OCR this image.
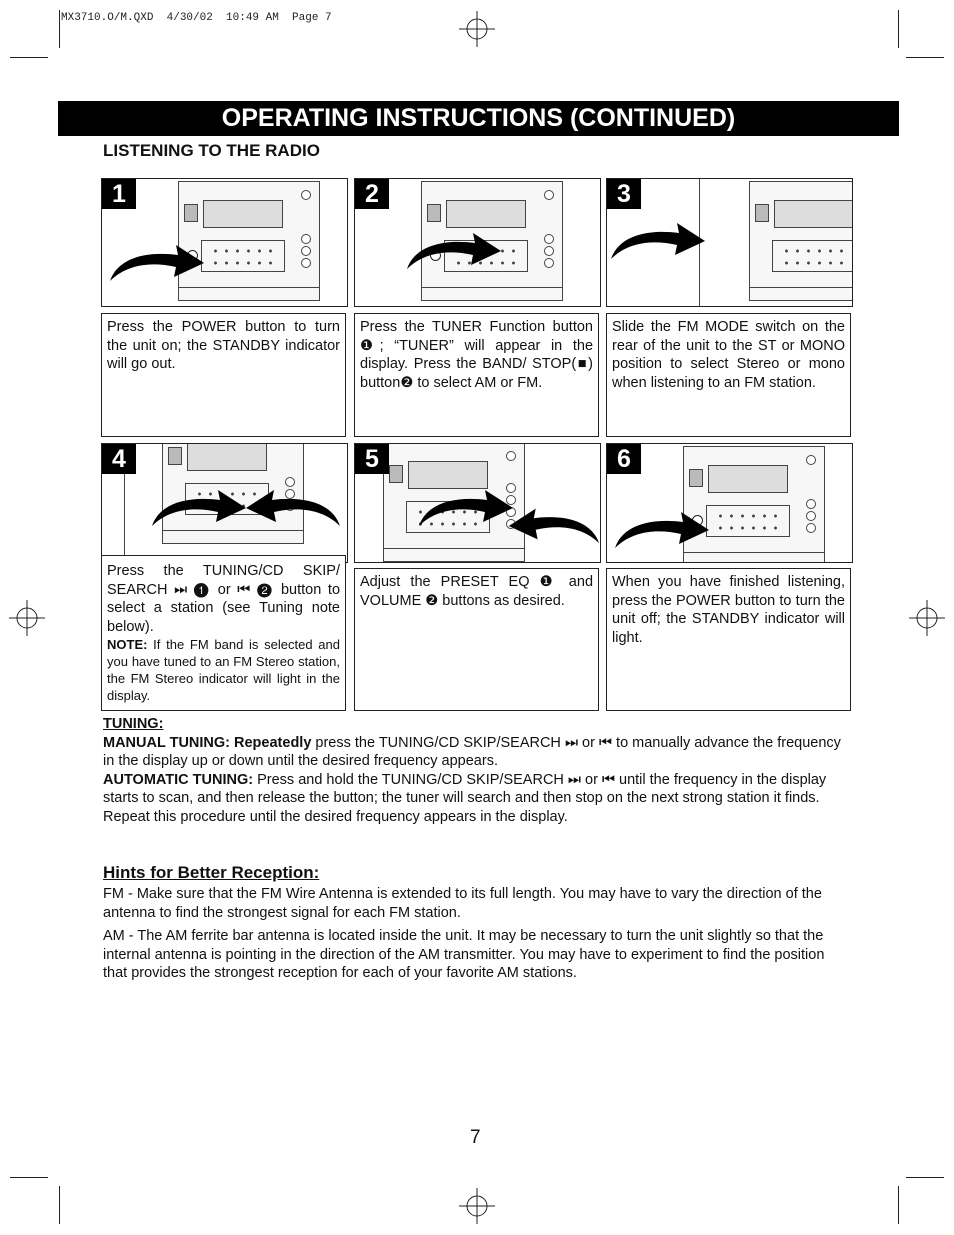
MX3710.O/M.QXD  4/30/02  10:49 AM  Page 7
OPERATING INSTRUCTIONS (CONTINUED)
LISTENING TO THE RADIO
1	2	3

Press the POWER button to turn the unit on; the STANDBY indicator will go out.

Press the TUNER Function button ❶; “TUNER” will appear in the display. Press the BAND/ STOP(■) button❷ to select AM or FM.

Slide the FM MODE switch on the rear of the unit to the ST or MONO position to select Stereo or mono when listening to an FM station.

4	5	6

Press the TUNING/CD SKIP/ SEARCH ⏭ ❶ or ⏮ ❷ button to select a station (see Tuning note below).

NOTE: If the FM band is selected and you have tuned to an FM Stereo station, the FM Stereo indicator will light in the display.

Adjust the PRESET EQ ❶ and VOLUME ❷ buttons as desired.

When you have finished listening, press the POWER button to turn the unit off; the STANDBY indicator will light.

TUNING:

MANUAL TUNING: Repeatedly press the TUNING/CD SKIP/SEARCH ⏭ or ⏮ to manually advance the frequency in the display up or down until the desired frequency appears.

AUTOMATIC TUNING: Press and hold the TUNING/CD SKIP/SEARCH ⏭ or ⏮ until the frequency in the display starts to scan, and then release the button; the tuner will search and then stop on the next strong station it finds. Repeat this procedure until the desired frequency appears in the display.

Hints for Better Reception:

FM - Make sure that the FM Wire Antenna is extended to its full length. You may have to vary the direction of the antenna to find the strongest signal for each FM station.

AM - The AM ferrite bar antenna is located inside the unit. It may be necessary to turn the unit slightly so that the internal antenna is pointing in the direction of the AM transmitter. You may have to experiment to find the position that provides the strongest reception for each of your favorite AM stations.

7
